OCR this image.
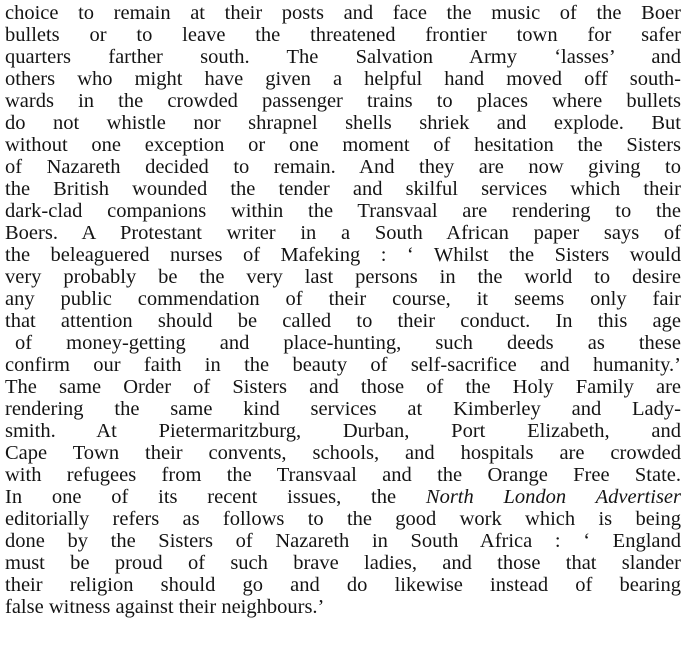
choice to remain at their posts and face the music of the Boer
bullets or to leave the threatened frontier town for safer
quarters farther south. The Salvation Army ‘lasses’ and
others who might have given a helpful hand moved off south-
wards in the crowded passenger trains to places where bullets
do not whistle nor shrapnel shells shriek and explode. But
without one exception or one moment of hesitation the Sisters
of Nazareth decided to remain. And they are now giving to
the British wounded the tender and skilful services which their
dark-clad companions within the Transvaal are rendering to the
Boers. A Protestant writer in a South African paper says of
the beleaguered nurses of Mafeking : ‘ Whilst the Sisters would
very probably be the very last persons in the world to desire
any public commendation of their course, it seems only fair
that attention should be called to their conduct. In this age
of money-getting and place-hunting, such deeds as these
confirm our faith in the beauty of self-sacrifice and humanity.’
The same Order of Sisters and those of the Holy Family are
rendering the same kind services at Kimberley and Lady-
smith. At Pietermaritzburg, Durban, Port Elizabeth, and
Cape Town their convents, schools, and hospitals are crowded
with refugees from the Transvaal and the Orange Free State.
In one of its recent issues, the North London Advertiser
editorially refers as follows to the good work which is being
done by the Sisters of Nazareth in South Africa : ‘ England
must be proud of such brave ladies, and those that slander
their religion should go and do likewise instead of bearing
false witness against their neighbours.’
